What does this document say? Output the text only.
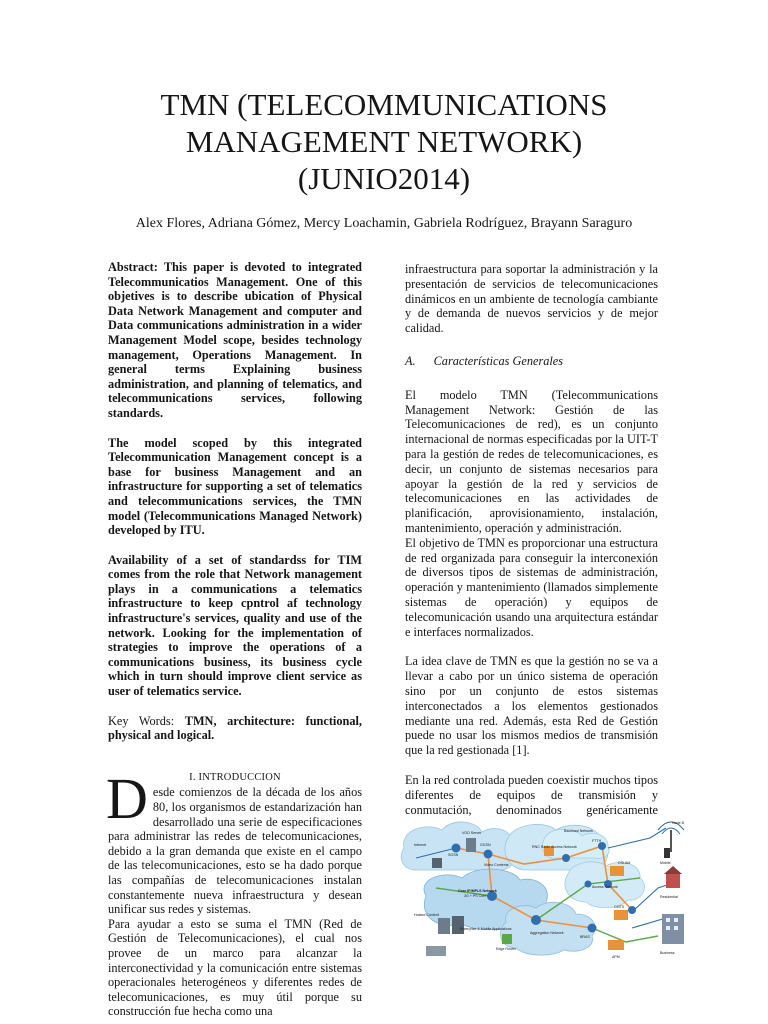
TMN (TELECOMMUNICATIONS
MANAGEMENT NETWORK)
(JUNIO2014)
Alex Flores, Adriana Gómez, Mercy Loachamin, Gabriela Rodríguez, Brayann Saraguro

Abstract: This paper is devoted to integrated Telecommunicatios Management. One of this objetives is to describe ubication of Physical Data Network Management and computer and Data communications administration in a wider Management Model scope, besides technology management, Operations Management. In general terms Explaining business administration, and planning of telematics, and telecommunications services, following standards.

The model scoped by this integrated Telecommunication Management concept is a base for business Management and an infrastructure for supporting a set of telematics and telecommunications services, the TMN model (Telecommunications Managed Network) developed by ITU.

Availability of a set of standardss for TIM comes from the role that Network management plays in a communications a telematics infrastructure to keep cpntrol af technology infrastructure's services, quality and use of the network. Looking for the implementation of strategies to improve the operations of a communications business, its business cycle which in turn should improve client service as user of telematics service.

Key Words: TMN, architecture: functional, physical and logical.

I. INTRODUCCION

Desde comienzos de la década de los años 80, los organismos de estandarización han desarrollado una serie de especificaciones para administrar las redes de telecomunicaciones, debido a la gran demanda que existe en el campo de las telecomunicaciones, esto se ha dado porque las compañías de telecomunicaciones instalan constantemente nueva infraestructura y desean unificar sus redes y sistemas.

Para ayudar a esto se suma el TMN (Red de Gestión de Telecomunicaciones), el cual nos provee de un marco para alcanzar la interconectividad y la comunicación entre sistemas operacionales heterogéneos y diferentes redes de telecomunicaciones, es muy útil porque su construcción fue hecha como una

infraestructura para soportar la administración y la presentación de servicios de telecomunicaciones dinámicos en un ambiente de tecnología cambiante y de demanda de nuevos servicios y de mejor calidad.

A. Características Generales

El modelo TMN (Telecommunications Management Network: Gestión de las Telecomunicaciones de red), es un conjunto internacional de normas especificadas por la UIT-T para la gestión de redes de telecomunicaciones, es decir, un conjunto de sistemas necesarios para apoyar la gestión de la red y servicios de telecomunicaciones en las actividades de planificación, aprovisionamiento, instalación, mantenimiento, operación y administración.

El objetivo de TMN es proporcionar una estructura de red organizada para conseguir la interconexión de diversos tipos de sistemas de administración, operación y mantenimiento (llamados simplemente sistemas de operación) y equipos de telecomunicación usando una arquitectura estándar e interfaces normalizados.

La idea clave de TMN es que la gestión no se va a llevar a cabo por un único sistema de operación sino por un conjunto de estos sistemas interconectados a los elementos gestionados mediante una red. Además, esta Red de Gestión puede no usar los mismos medios de transmisión que la red gestionada [1].

En la red controlada pueden coexistir muchos tipos diferentes de equipos de transmisión y conmutación, denominados genéricamente

Internet
VOD Server
Video Contents
Core IP/MPLS Network
3G + PS Core
RNC Radio Access Network
Backhaul Network
Access Network
Aggregation Network
Enterprise & Mobile Applications
Hosted Content
Edge Router
DSLAM
CMTS
APM
Node B
Mobile
Residential
Business
FTTH
SGSN
GGSN
BRAS
